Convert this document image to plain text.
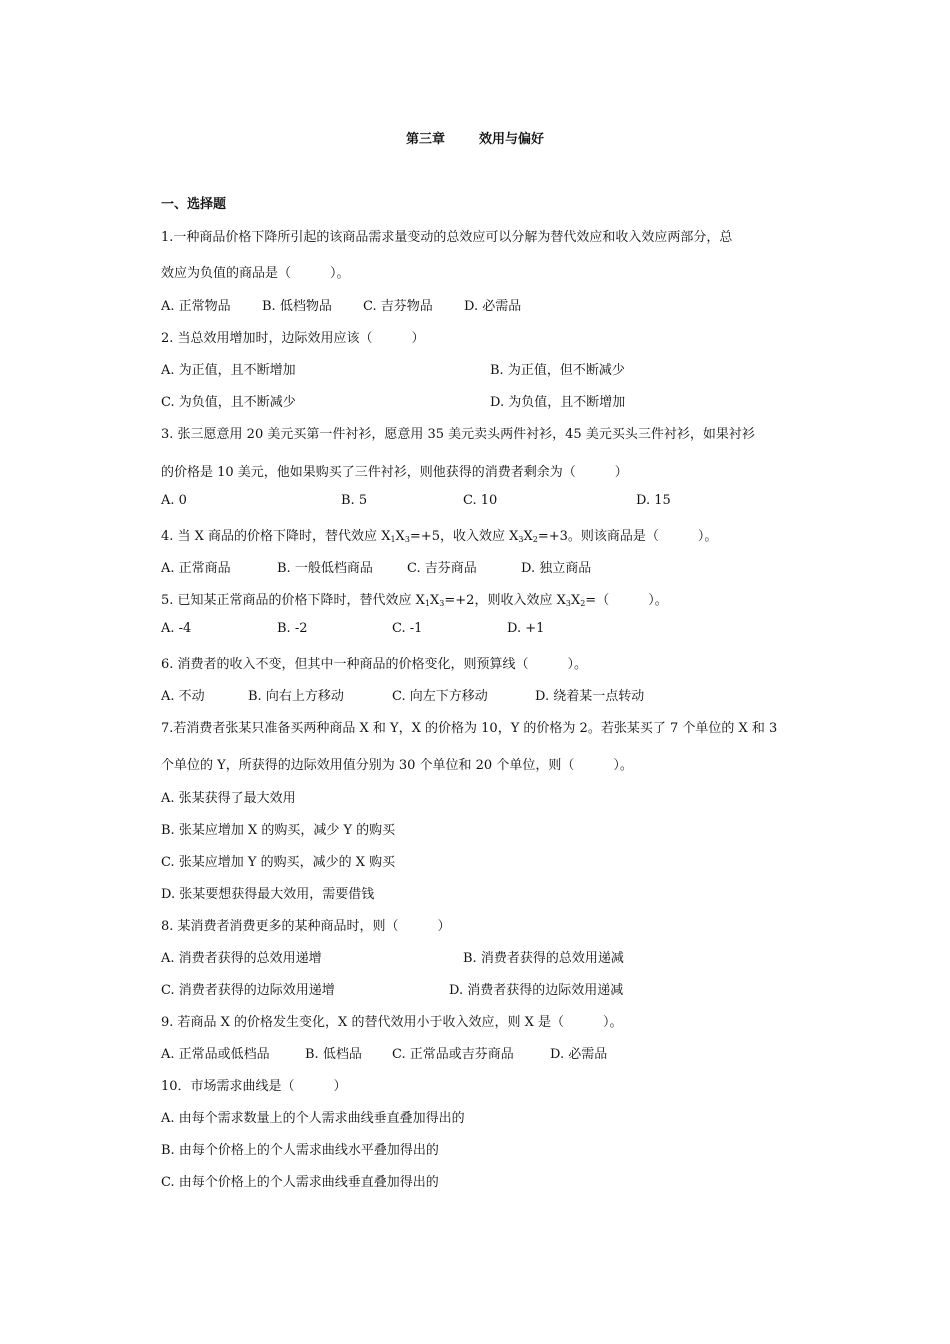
第三章	效用与偏好
一、选择题
1.一种商品价格下降所引起的该商品需求量变动的总效应可以分解为替代效应和收入效应两部分，总
效应为负值的商品是（　　　）。
A. 正常物品 B. 低档物品 C. 吉芬物品 D. 必需品
2. 当总效用增加时，边际效用应该（　　　）
A. 为正值，且不断增加	B. 为正值，但不断减少
C. 为负值，且不断减少	D. 为负值，且不断增加
3. 张三愿意用 20 美元买第一件衬衫，愿意用 35 美元卖头两件衬衫，45 美元买头三件衬衫，如果衬衫
的价格是 10 美元，他如果购买了三件衬衫，则他获得的消费者剩余为（　　　）
A. 0	B. 5	C. 10	D. 15
4. 当 X 商品的价格下降时，替代效应 $X_1X_3=+5$，收入效应 $X_3X_2=+3$。则该商品是（　　　）。
A. 正常商品	B. 一般低档商品	C. 吉芬商品	D. 独立商品
5. 已知某正常商品的价格下降时，替代效应 $X_1X_3=+2$，则收入效应 $X_3X_2=$（　　　）。
A. -4	B. -2	C. -1	D. +1
6. 消费者的收入不变，但其中一种商品的价格变化，则预算线（　　　）。
A. 不动	B. 向右上方移动	C. 向左下方移动	D. 绕着某一点转动
7.若消费者张某只准备买两种商品 X 和 Y，X 的价格为 10，Y 的价格为 2。若张某买了 7 个单位的 X 和 3
个单位的 Y，所获得的边际效用值分别为 30 个单位和 20 个单位，则（　　　）。
A. 张某获得了最大效用
B. 张某应增加 X 的购买，减少 Y 的购买
C. 张某应增加 Y 的购买，减少的 X 购买
D. 张某要想获得最大效用，需要借钱
8. 某消费者消费更多的某种商品时，则（　　　）
A. 消费者获得的总效用递增	B. 消费者获得的总效用递减
C. 消费者获得的边际效用递增	D. 消费者获得的边际效用递减
9. 若商品 X 的价格发生变化，X 的替代效用小于收入效应，则 X 是（　　　）。
A. 正常品或低档品	B. 低档品 C. 正常品或吉芬商品	D. 必需品
10．市场需求曲线是（　　　）
A. 由每个需求数量上的个人需求曲线垂直叠加得出的
B. 由每个价格上的个人需求曲线水平叠加得出的
C. 由每个价格上的个人需求曲线垂直叠加得出的
